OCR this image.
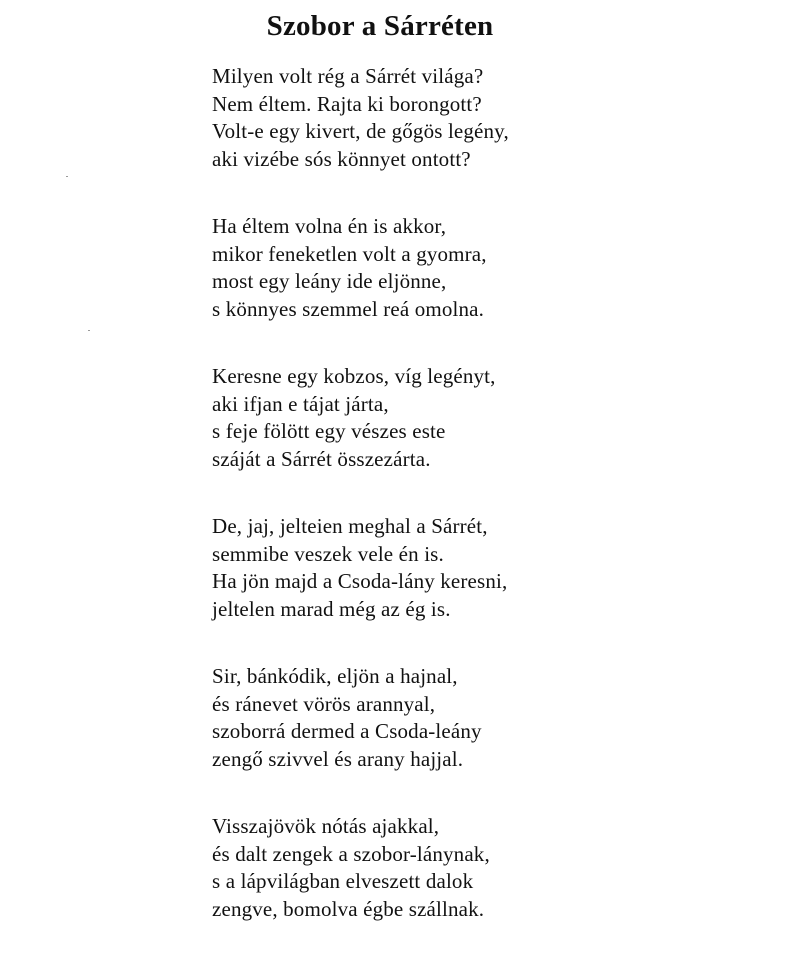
Szobor a Sárréten
Milyen volt rég a Sárrét világa?
Nem éltem. Rajta ki borongott?
Volt-e egy kivert, de gőgös legény,
aki vizébe sós könnyet ontott?
Ha éltem volna én is akkor,
mikor feneketlen volt a gyomra,
most egy leány ide eljönne,
s könnyes szemmel reá omolna.
Keresne egy kobzos, víg legényt,
aki ifjan e tájat járta,
s feje fölött egy vészes este
száját a Sárrét összezárta.
De, jaj, jelteien meghal a Sárrét,
semmibe veszek vele én is.
Ha jön majd a Csoda-lány keresni,
jeltelen marad még az ég is.
Sir, bánkódik, eljön a hajnal,
és ránevet vörös arannyal,
szoborrá dermed a Csoda-leány
zengő szivvel és arany hajjal.
Visszajövök nótás ajakkal,
és dalt zengek a szobor-lánynak,
s a lápvilágban elveszett dalok
zengve, bomolva égbe szállnak.
